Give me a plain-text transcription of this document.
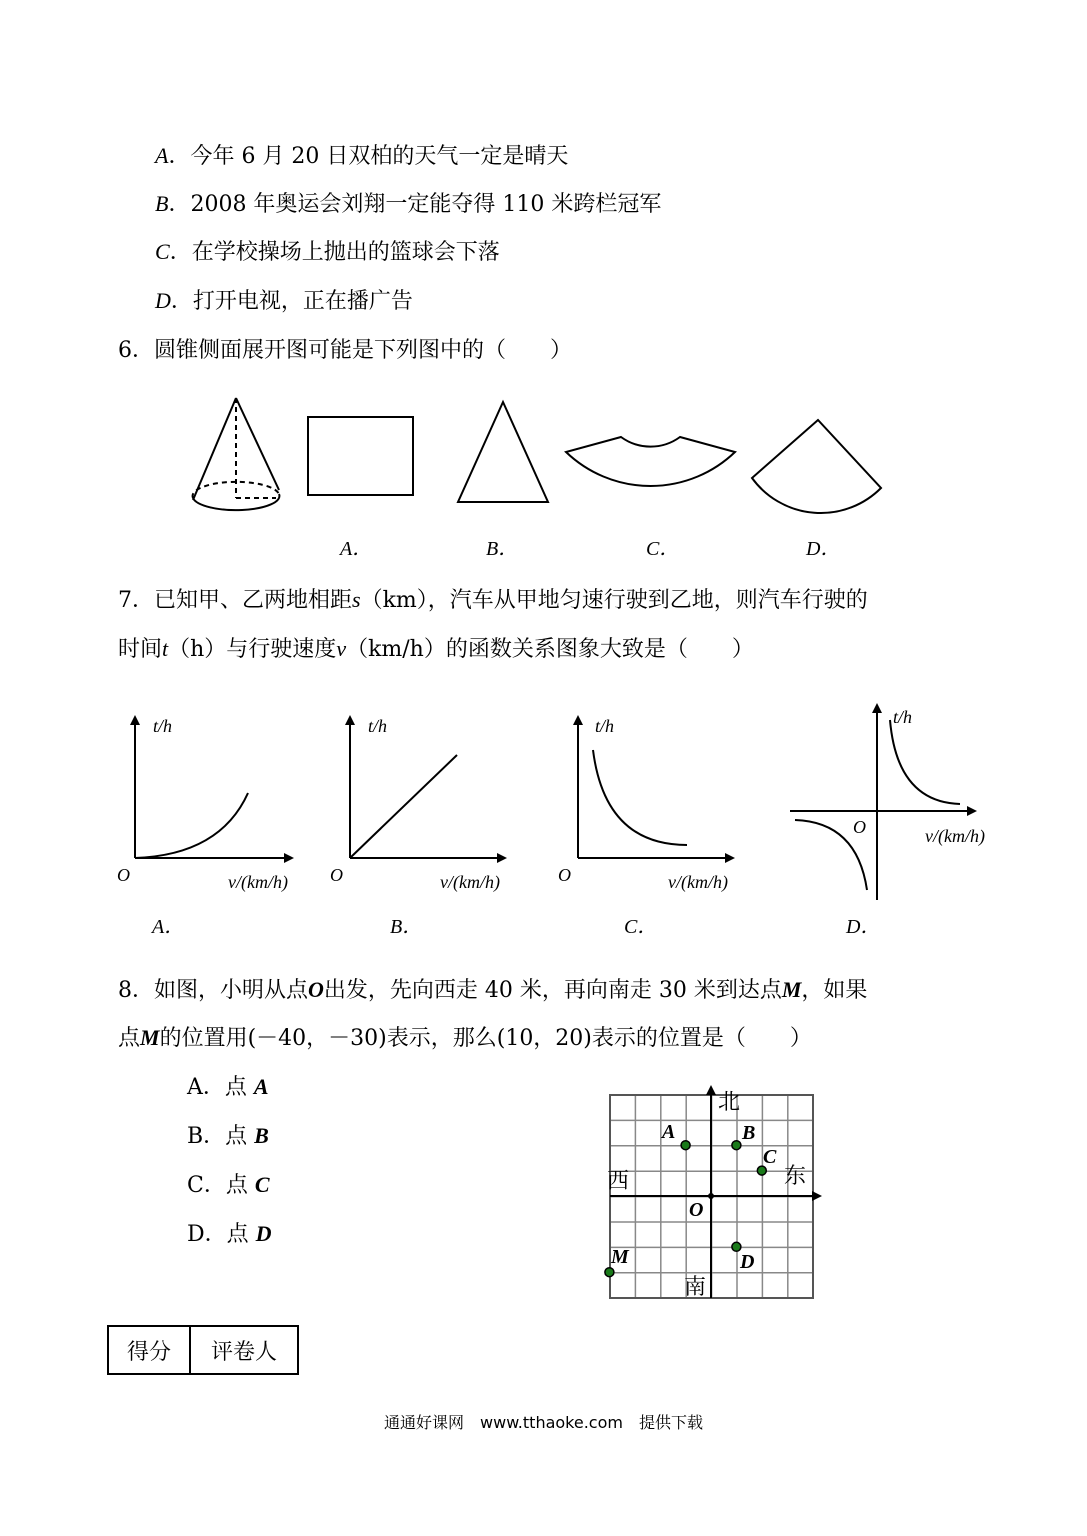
A．今年 6 月 20 日双柏的天气一定是晴天
B．2008 年奥运会刘翔一定能夺得 110 米跨栏冠军
C．在学校操场上抛出的篮球会下落
D．打开电视，正在播广告
6．圆锥侧面展开图可能是下列图中的（　　）
A．	B．	C．	D．
7．已知甲、乙两地相距s（km），汽车从甲地匀速行驶到乙地，则汽车行驶的
时间t（h）与行驶速度v（km/h）的函数关系图象大致是（　　）
t/h	t/h	t/h	t/h
v/(km/h)	v/(km/h)	v/(km/h)
v/(km/h)
O	O	O
O
A．	B．	C．	D．
8．如图，小明从点O出发，先向西走 40 米，再向南走 30 米到达点M，如果
点M的位置用(－40，－30)表示，那么(10，20)表示的位置是（　　）
A．点 A
B．点 B
C．点 C
D．点 D
北
南
东
西
O
A	B
C
D
M
得分	评卷人
通通好课网　www.tthaoke.com　提供下载
